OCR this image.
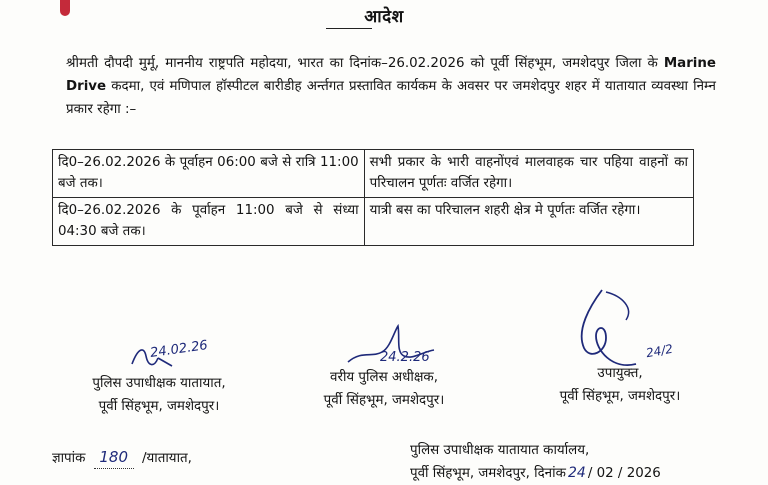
आदेश
श्रीमती दौपदी मुर्मू, माननीय राष्ट्रपति महोदया, भारत का दिनांक–26.02.2026 को पूर्वी सिंहभूम, जमशेदपुर जिला के Marine Drive कदमा, एवं मणिपाल हॉस्पीटल बारीडीह अर्न्तगत प्रस्तावित कार्यकम के अवसर पर जमशेदपुर शहर में यातायात व्यवस्था निम्न प्रकार रहेगा :–
दि0–26.02.2026 के पूर्वाहन 06:00 बजे से रात्रि 11:00 बजे तक।	सभी प्रकार के भारी वाहनोंएवं मालवाहक चार पहिया वाहनों का परिचालन पूर्णतः वर्जित रहेगा।
दि0–26.02.2026 के पूर्वाहन 11:00 बजे से संध्या 04:30 बजे तक।	यात्री बस का परिचालन शहरी क्षेत्र मे पूर्णतः वर्जित रहेगा।
24.02.26	24.2.26	24/2
पुलिस उपाधीक्षक यातायात,
पूर्वी सिंहभूम, जमशेदपुर।
वरीय पुलिस अधीक्षक,
पूर्वी सिंहभूम, जमशेदपुर।
उपायुक्त,
पूर्वी सिंहभूम, जमशेदपुर।
ज्ञापांक 180 /यातायात,
पुलिस उपाधीक्षक यातायात कार्यालय,
पूर्वी सिंहभूम, जमशेदपुर, दिनांक 24 / 02 / 2026
